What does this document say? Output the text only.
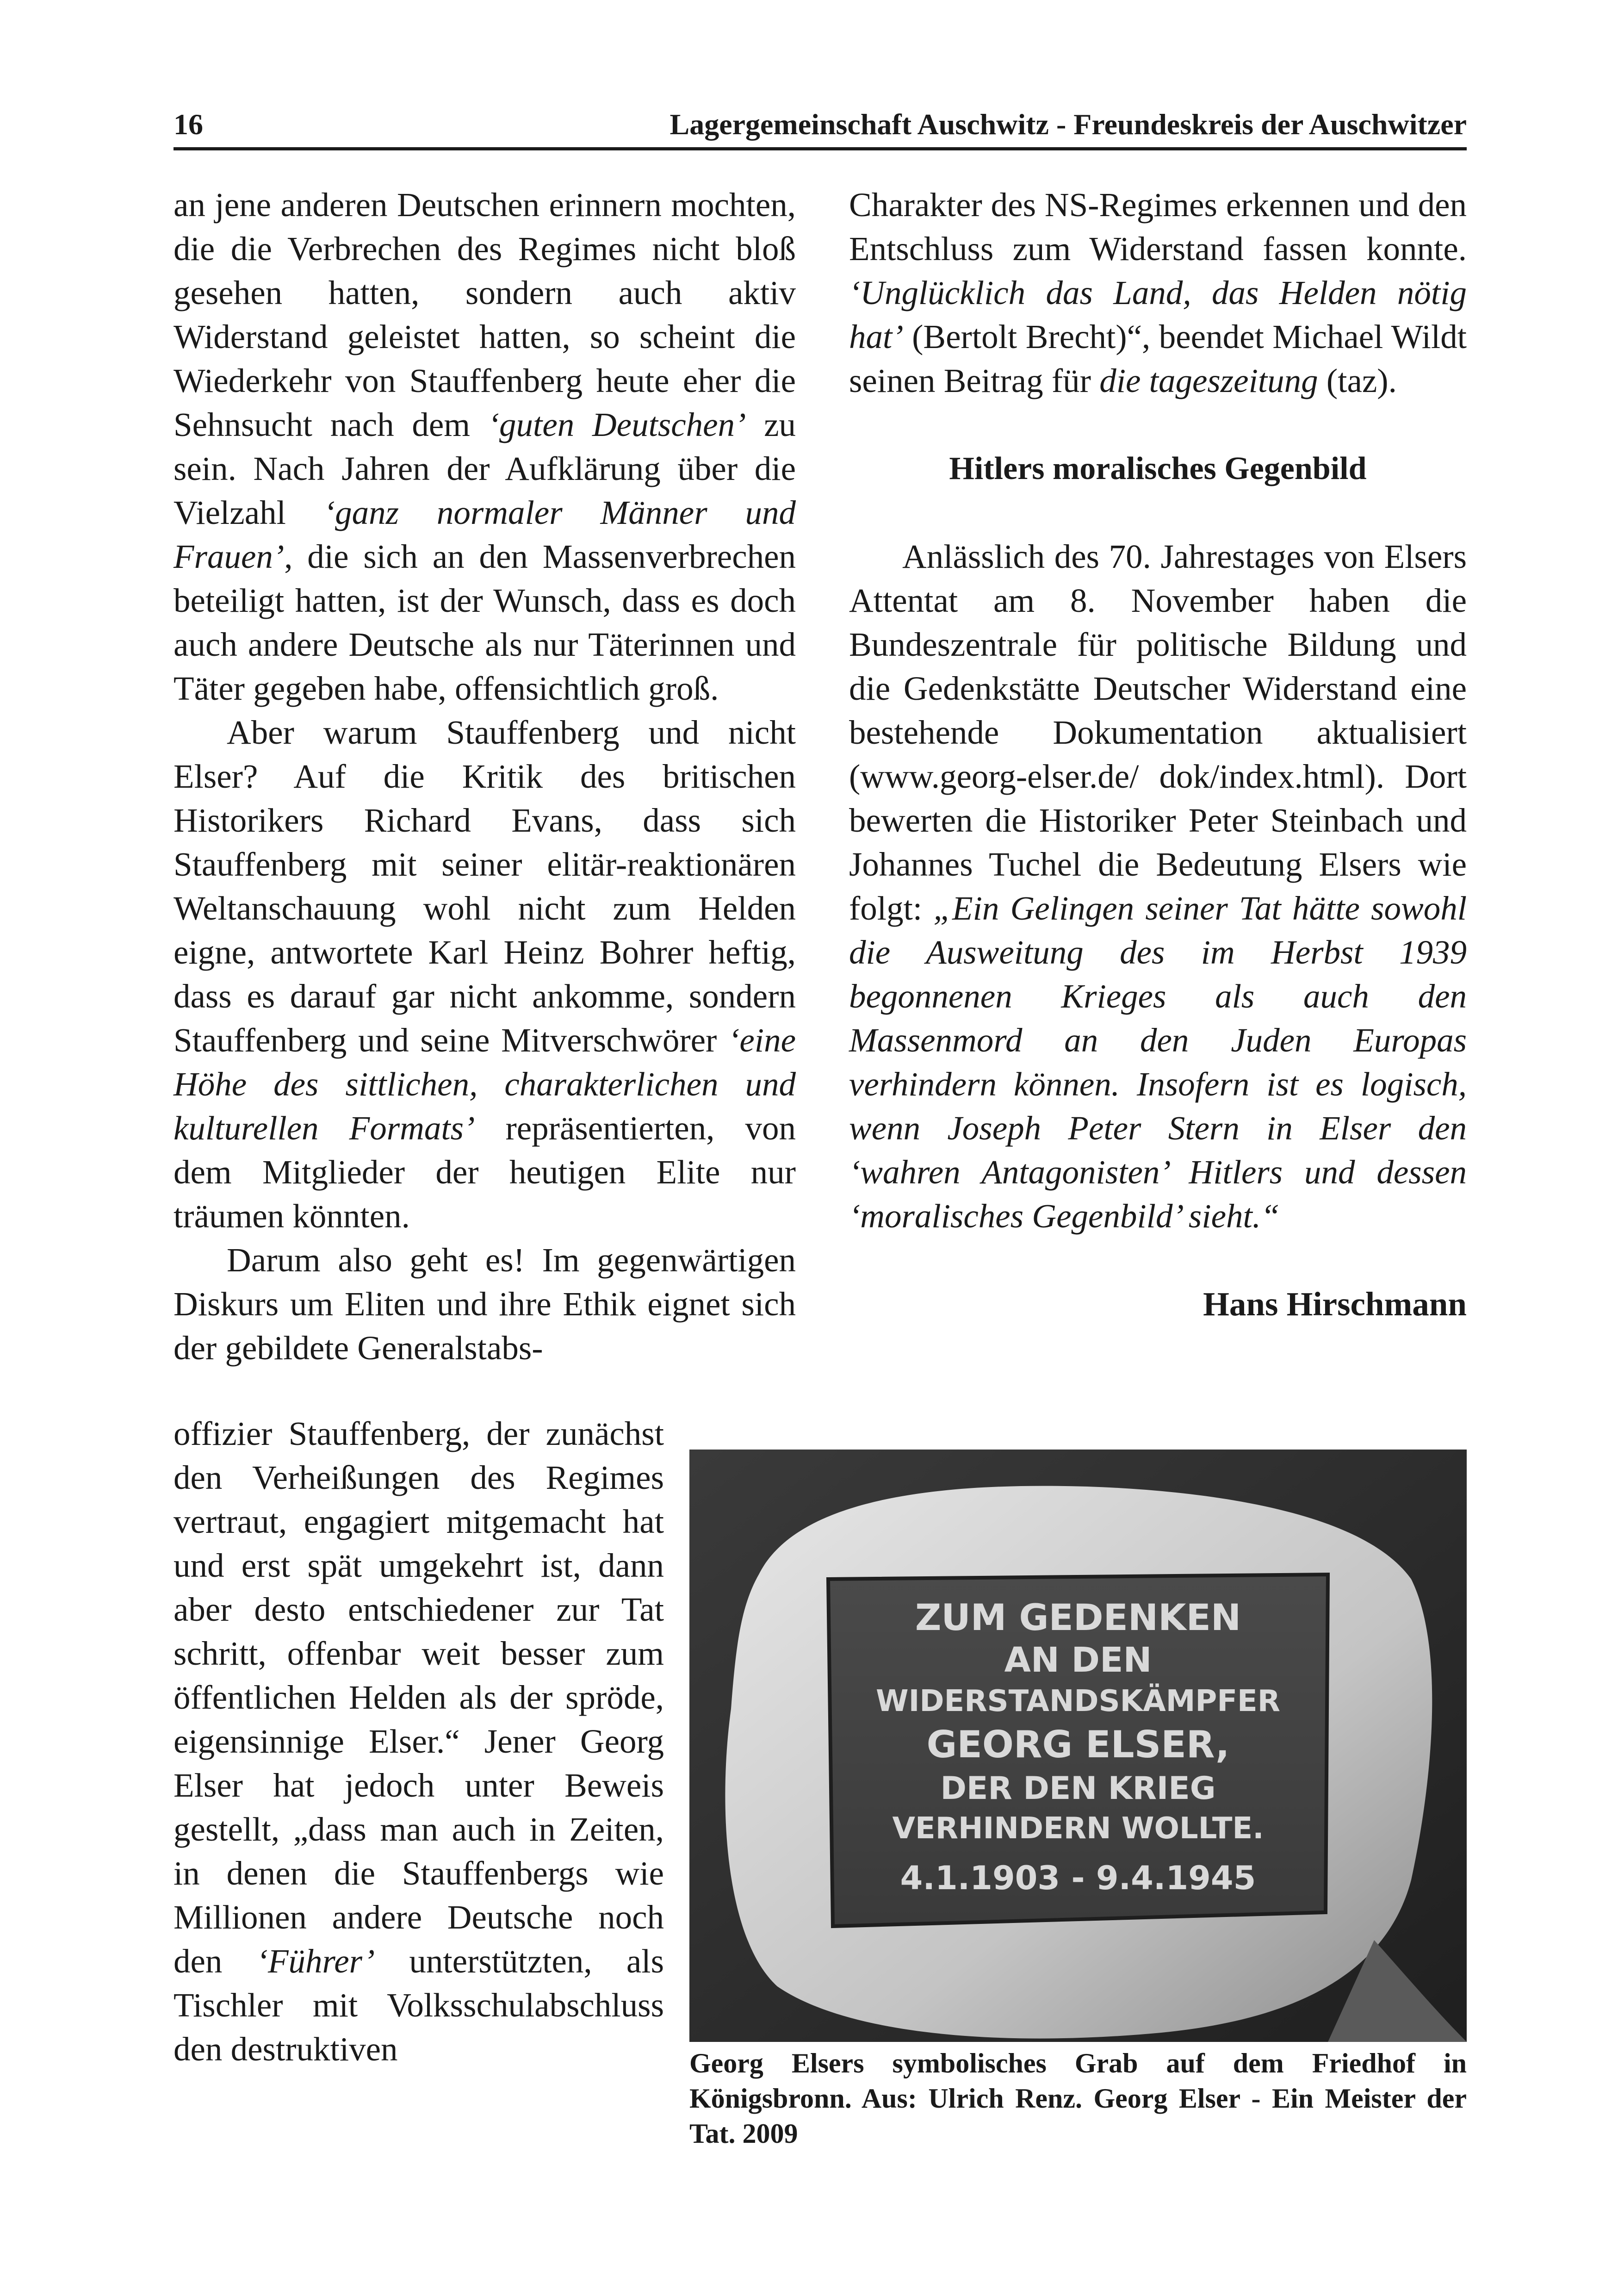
16	Lagergemeinschaft Auschwitz - Freundeskreis der Auschwitzer

an jene anderen Deutschen erinnern mochten, die die Verbrechen des Regimes nicht bloß gesehen hatten, sondern auch aktiv Widerstand geleistet hatten, so scheint die Wiederkehr von Stauffenberg heute eher die Sehnsucht nach dem ‘guten Deutschen’ zu sein. Nach Jahren der Aufklärung über die Vielzahl ‘ganz normaler Männer und Frauen’, die sich an den Massenverbrechen beteiligt hatten, ist der Wunsch, dass es doch auch andere Deutsche als nur Täterinnen und Täter gegeben habe, offensichtlich groß.

Aber warum Stauffenberg und nicht Elser? Auf die Kritik des britischen Historikers Richard Evans, dass sich Stauffenberg mit seiner elitär-reaktionären Weltanschauung wohl nicht zum Helden eigne, antwortete Karl Heinz Bohrer heftig, dass es darauf gar nicht ankomme, sondern Stauffenberg und seine Mitverschwörer ‘eine Höhe des sittlichen, charakterlichen und kulturellen Formats’ repräsentierten, von dem Mitglieder der heutigen Elite nur träumen könnten.

Darum also geht es! Im gegenwärtigen Diskurs um Eliten und ihre Ethik eignet sich der gebildete Generalstabs-

offizier Stauffenberg, der zunächst den Verheißungen des Regimes vertraut, engagiert mitgemacht hat und erst spät umgekehrt ist, dann aber desto entschiedener zur Tat schritt, offenbar weit besser zum öffentlichen Helden als der spröde, eigensinnige Elser.“ Jener Georg Elser hat jedoch unter Beweis gestellt, „dass man auch in Zeiten, in denen die Stauffenbergs wie Millionen andere Deutsche noch den ‘Führer’ unterstützten, als Tischler mit Volksschulabschluss den destruktiven

Charakter des NS-Regimes erkennen und den Entschluss zum Widerstand fassen konnte. ‘Unglücklich das Land, das Helden nötig hat’ (Bertolt Brecht)“, beendet Michael Wildt seinen Beitrag für die tageszeitung (taz).

Hitlers moralisches Gegenbild

Anlässlich des 70. Jahrestages von Elsers Attentat am 8. November haben die Bundeszentrale für politische Bildung und die Gedenkstätte Deutscher Widerstand eine bestehende Dokumentation aktualisiert (www.georg-elser.de/ dok/index.html). Dort bewerten die Historiker Peter Steinbach und Johannes Tuchel die Bedeutung Elsers wie folgt: „Ein Gelingen seiner Tat hätte sowohl die Ausweitung des im Herbst 1939 begonnenen Krieges als auch den Massenmord an den Juden Europas verhindern können. Insofern ist es logisch, wenn Joseph Peter Stern in Elser den ‘wahren Antagonisten’ Hitlers und dessen ‘moralisches Gegenbild’ sieht.“

Hans Hirschmann

ZUM GEDENKEN
AN DEN
WIDERSTANDSKÄMPFER
GEORG ELSER,
DER DEN KRIEG
VERHINDERN WOLLTE.
4.1.1903 - 9.4.1945
Georg Elsers symbolisches Grab auf dem Friedhof in Königsbronn. Aus: Ulrich Renz. Georg Elser - Ein Meister der Tat. 2009
